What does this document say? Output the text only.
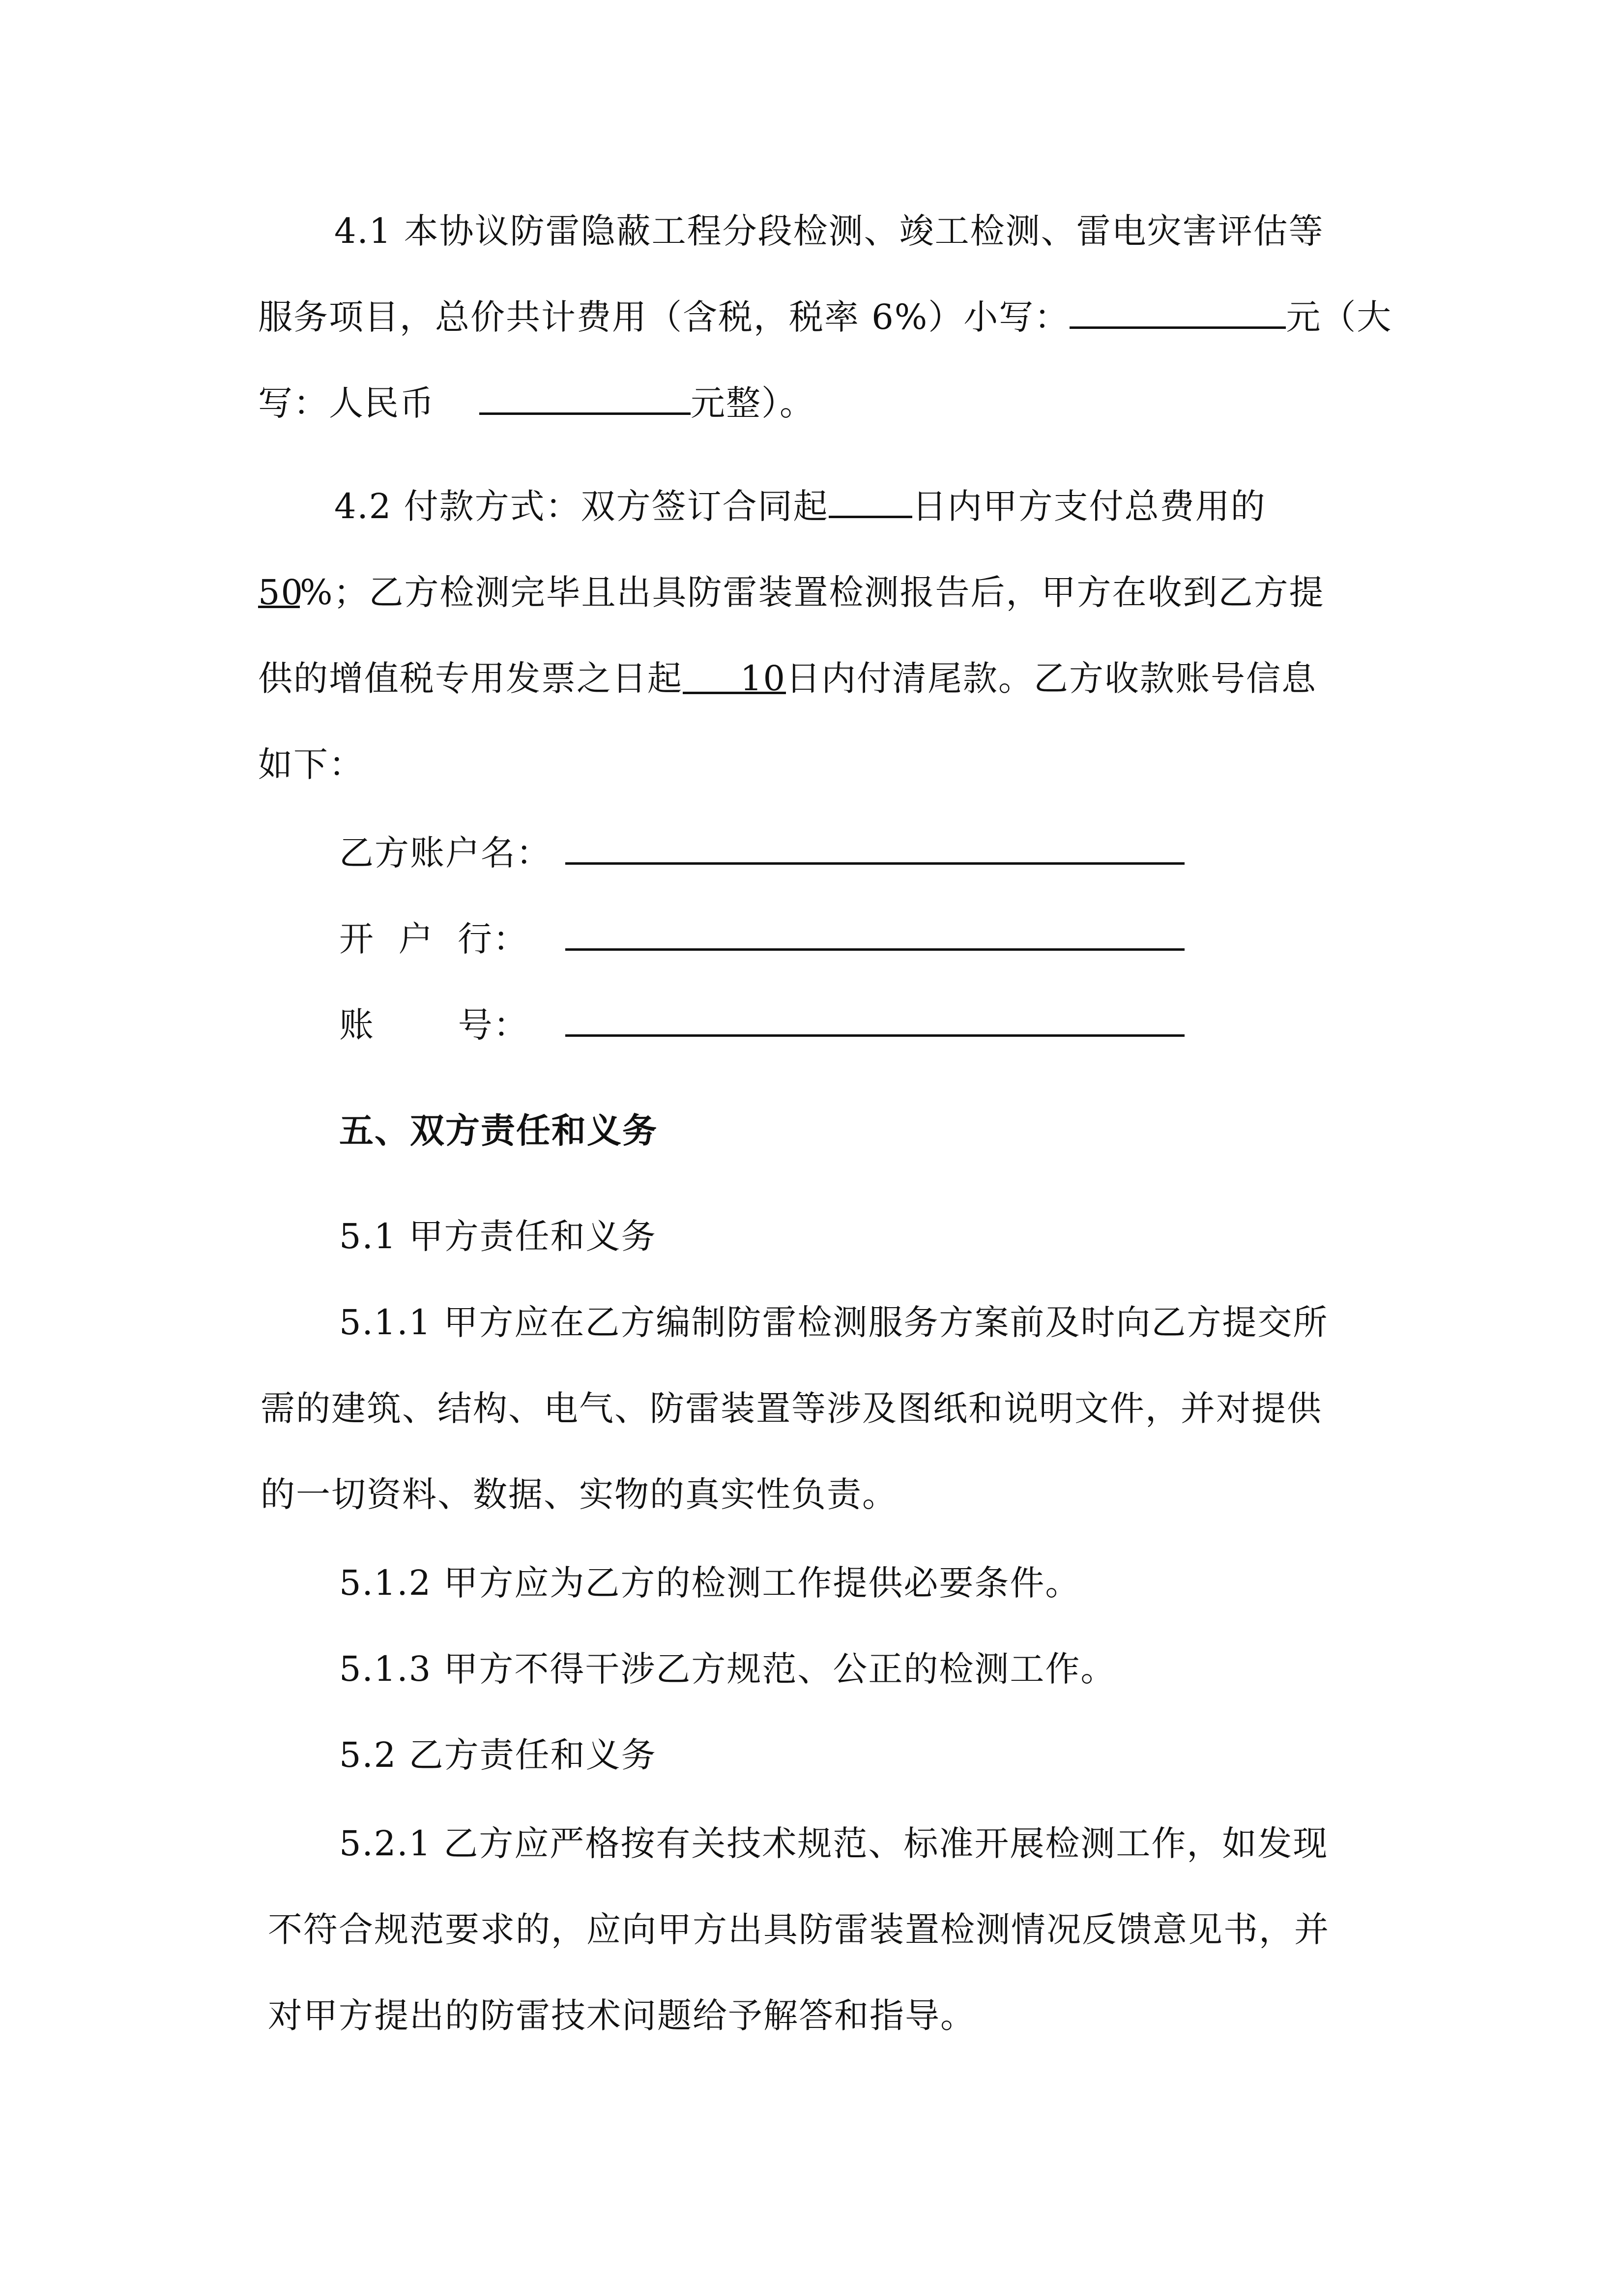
4.1 本协议防雷隐蔽工程分段检测、竣工检测、雷电灾害评估等
服务项目，总价共计费用（含税，税率 6%）小写：	元（大
写：人民币	元整）。
4.2 付款方式：双方签订合同起 日内甲方支付总费用的
50%；乙方检测完毕且出具防雷装置检测报告后，甲方在收到乙方提
供的增值税专用发票之日起 10日内付清尾款。乙方收款账号信息
如下：
乙方账户名：
开  户  行：
账       号：
五、双方责任和义务
5.1 甲方责任和义务
5.1.1 甲方应在乙方编制防雷检测服务方案前及时向乙方提交所
需的建筑、结构、电气、防雷装置等涉及图纸和说明文件，并对提供
的一切资料、数据、实物的真实性负责。
5.1.2 甲方应为乙方的检测工作提供必要条件。
5.1.3 甲方不得干涉乙方规范、公正的检测工作。
5.2 乙方责任和义务
5.2.1 乙方应严格按有关技术规范、标准开展检测工作，如发现
不符合规范要求的，应向甲方出具防雷装置检测情况反馈意见书，并
对甲方提出的防雷技术问题给予解答和指导。
